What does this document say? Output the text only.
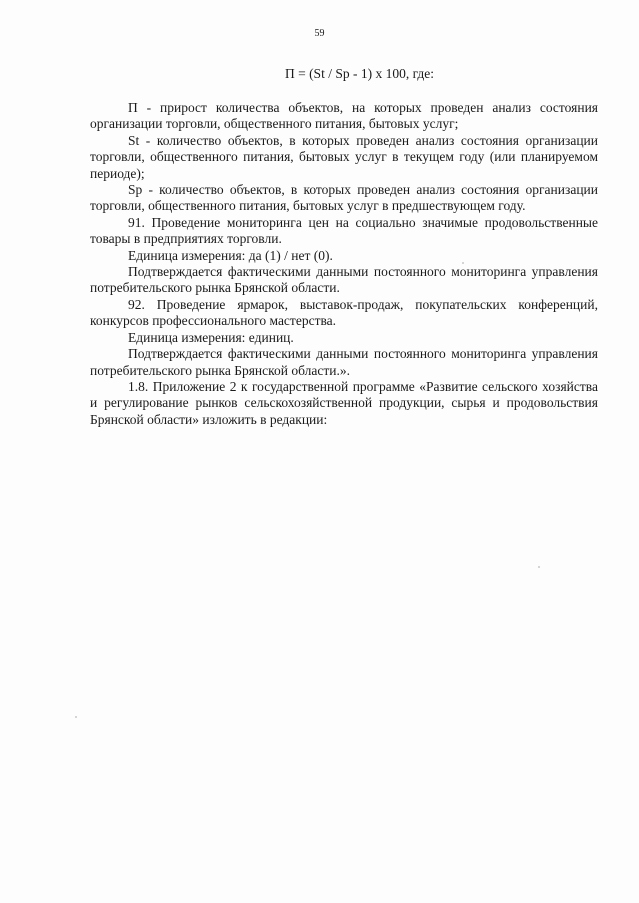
59
П = (St / Sp - 1) х 100, где:

П - прирост количества объектов, на которых проведен анализ состояния организации торговли, общественного питания, бытовых услуг;

St - количество объектов, в которых проведен анализ состояния организации торговли, общественного питания, бытовых услуг в текущем году (или планируемом периоде);

Sp - количество объектов, в которых проведен анализ состояния организации торговли, общественного питания, бытовых услуг в предшествующем году.

91. Проведение мониторинга цен на социально значимые продовольственные товары в предприятиях торговли.

Единица измерения: да (1) / нет (0).

Подтверждается фактическими данными постоянного мониторинга управления потребительского рынка Брянской области.

92. Проведение ярмарок, выставок-продаж, покупательских конференций, конкурсов профессионального мастерства.

Единица измерения: единиц.

Подтверждается фактическими данными постоянного мониторинга управления потребительского рынка Брянской области.».

1.8. Приложение 2 к государственной программе «Развитие сельского хозяйства и регулирование рынков сельскохозяйственной продукции, сырья и продовольствия Брянской области» изложить в редакции:
